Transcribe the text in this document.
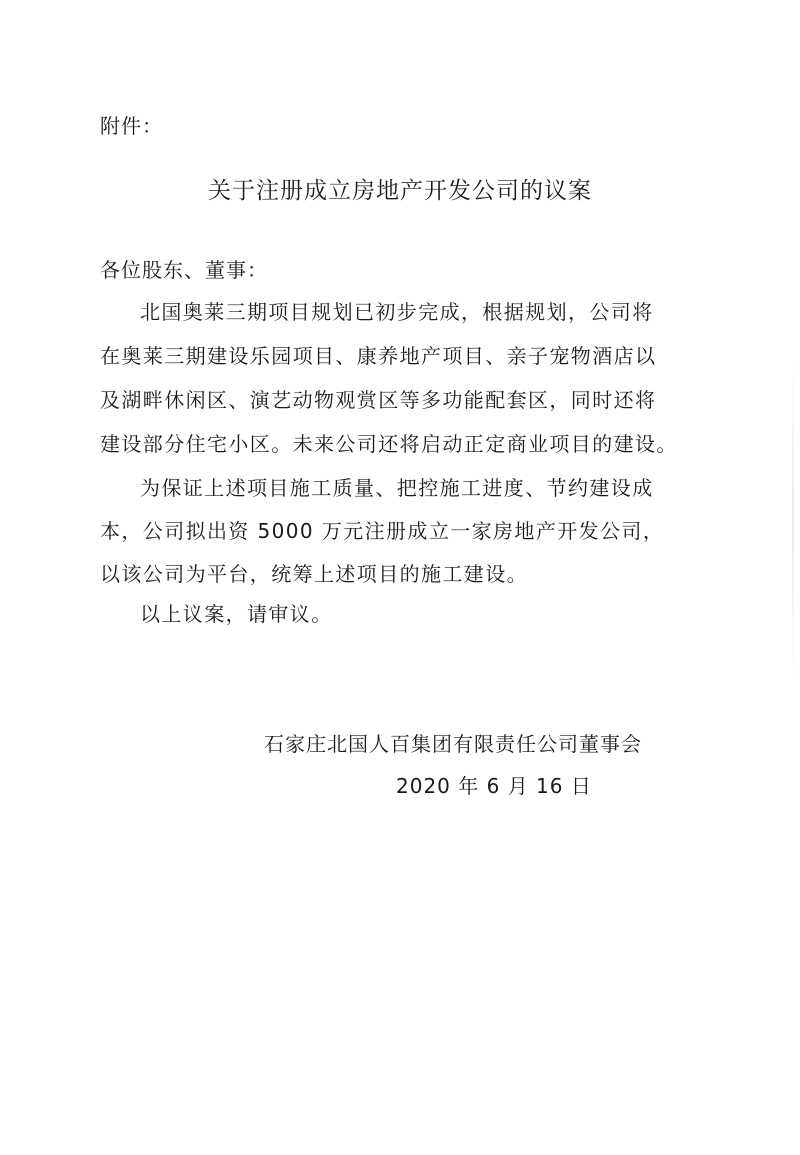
附件：
关于注册成立房地产开发公司的议案
各位股东、董事：
北国奥莱三期项目规划已初步完成，根据规划，公司将
在奥莱三期建设乐园项目、康养地产项目、亲子宠物酒店以
及湖畔休闲区、演艺动物观赏区等多功能配套区，同时还将
建设部分住宅小区。未来公司还将启动正定商业项目的建设。
为保证上述项目施工质量、把控施工进度、节约建设成
本，公司拟出资 5000 万元注册成立一家房地产开发公司，
以该公司为平台，统筹上述项目的施工建设。
以上议案，请审议。
石家庄北国人百集团有限责任公司董事会
2020 年 6 月 16 日
